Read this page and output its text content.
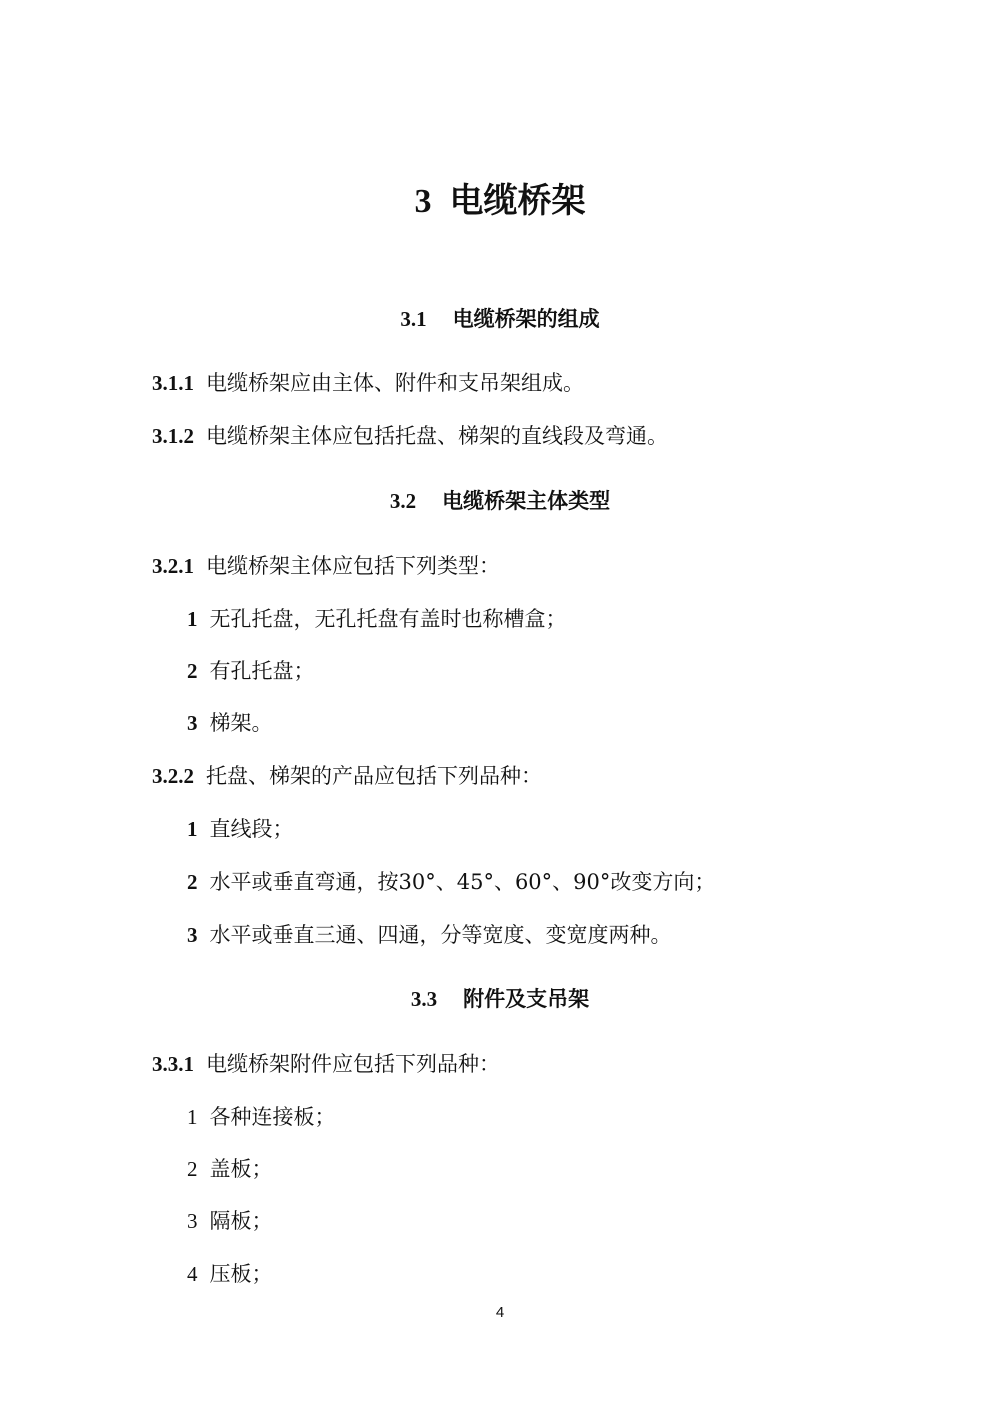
3 电缆桥架
3.1 电缆桥架的组成
3.1.1 电缆桥架应由主体、附件和支吊架组成。
3.1.2 电缆桥架主体应包括托盘、梯架的直线段及弯通。
3.2 电缆桥架主体类型
3.2.1 电缆桥架主体应包括下列类型：
1 无孔托盘，无孔托盘有盖时也称槽盒；
2 有孔托盘；
3 梯架。
3.2.2 托盘、梯架的产品应包括下列品种：
1 直线段；
2 水平或垂直弯通，按30°、45°、60°、90°改变方向；
3 水平或垂直三通、四通，分等宽度、变宽度两种。
3.3 附件及支吊架
3.3.1 电缆桥架附件应包括下列品种：
1 各种连接板；
2 盖板；
3 隔板；
4 压板；
4
